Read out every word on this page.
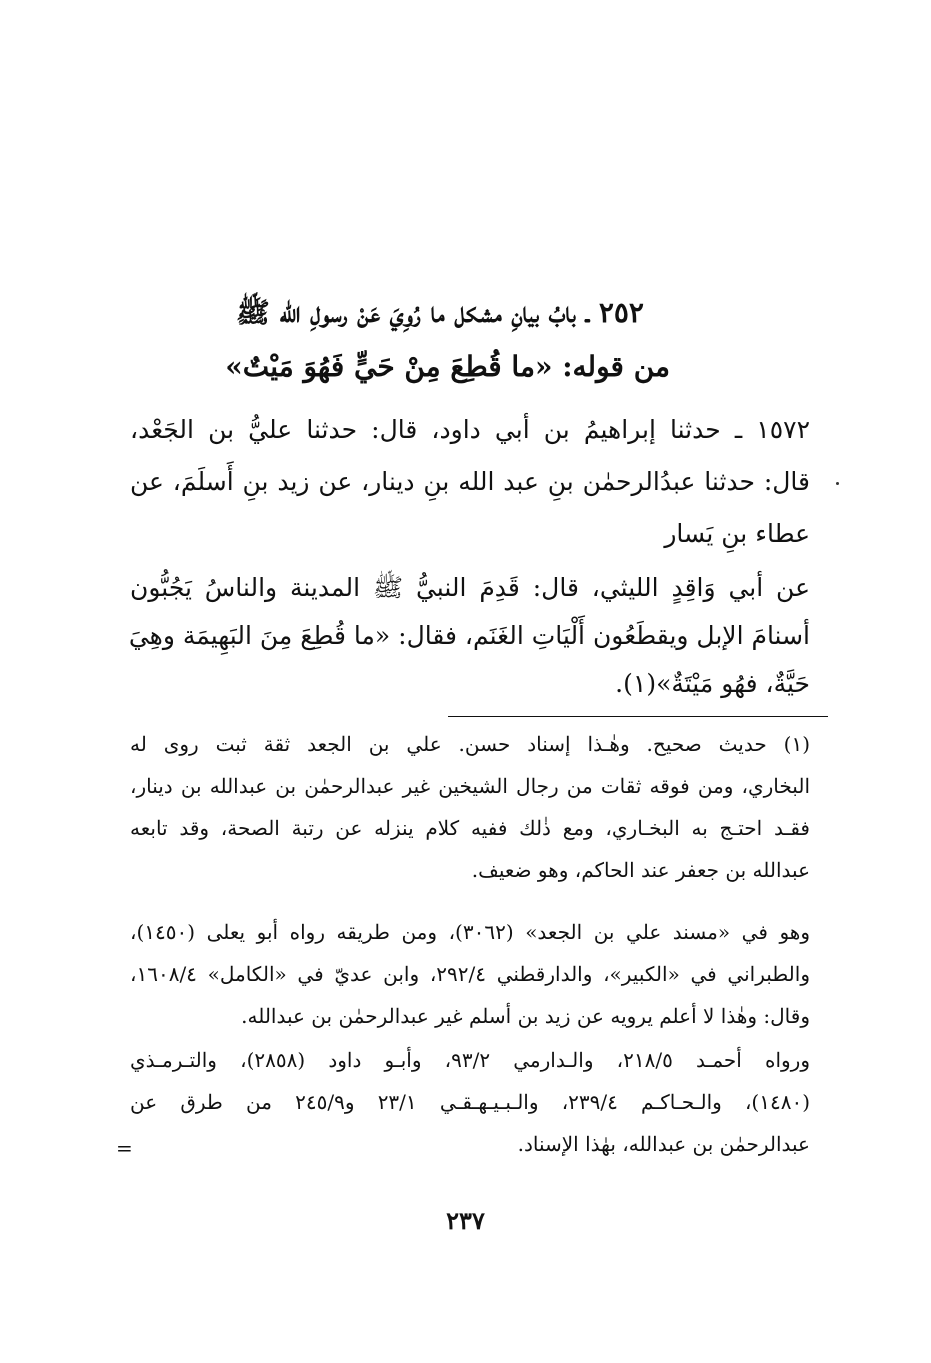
٢٥٢ ـ بابُ بيانِ مشكل ما رُوِيَ عَنْ رسولِ الله ﷺ
من قوله: «ما قُطِعَ مِنْ حَيٍّ فَهُوَ مَيْتٌ»
١٥٧٢ ـ حدثنا إبراهيمُ بن أبي داود، قال: حدثنا عليُّ بن الجَعْد،
قال: حدثنا عبدُالرحمٰن بنِ عبد الله بنِ دينار، عن زيد بنِ أَسلَمَ، عن
عطاء بنِ يَسار
عن أبي وَاقِدٍ الليثي، قال: قَدِمَ النبيُّ ﷺ المدينة والناسُ يَجُبُّون
أسنامَ الإبل ويقطَعُون أَلْيَاتِ الغَنَم، فقال: «ما قُطِعَ مِنَ البَهِيمَة وهِيَ
حَيَّةٌ، فهُو مَيْتَةٌ»(١).
(١) حديث صحيح. وهٰـذا إسناد حسن. علي بن الجعد ثقة ثبت روى له
البخاري، ومن فوقه ثقات من رجال الشيخين غير عبدالرحمٰن بن عبدالله بن دينار،
فقـد احتـج به البخـاري، ومع ذٰلك ففيه كلام ينزله عن رتبة الصحة، وقد تابعه
عبدالله بن جعفر عند الحاكم، وهو ضعيف.
وهو في «مسند علي بن الجعد» (٣٠٦٢)، ومن طريقه رواه أبو يعلى (١٤٥٠)،
والطبراني في «الكبير»، والدارقطني ٢٩٢/٤، وابن عديّ في «الكامل» ١٦٠٨/٤،
وقال: وهٰذا لا أعلم يرويه عن زيد بن أسلم غير عبدالرحمٰن بن عبدالله.
ورواه أحمـد ٢١٨/٥، والـدارمي ٩٣/٢، وأبـو داود (٢٨٥٨)، والتـرمـذي
(١٤٨٠)، والـحـاكـم ٢٣٩/٤، والـبـيـهـقـي ٢٣/١ و٢٤٥/٩ من طرق عن
عبدالرحمٰن بن عبدالله، بهٰذا الإسناد.
=
٢٣٧
